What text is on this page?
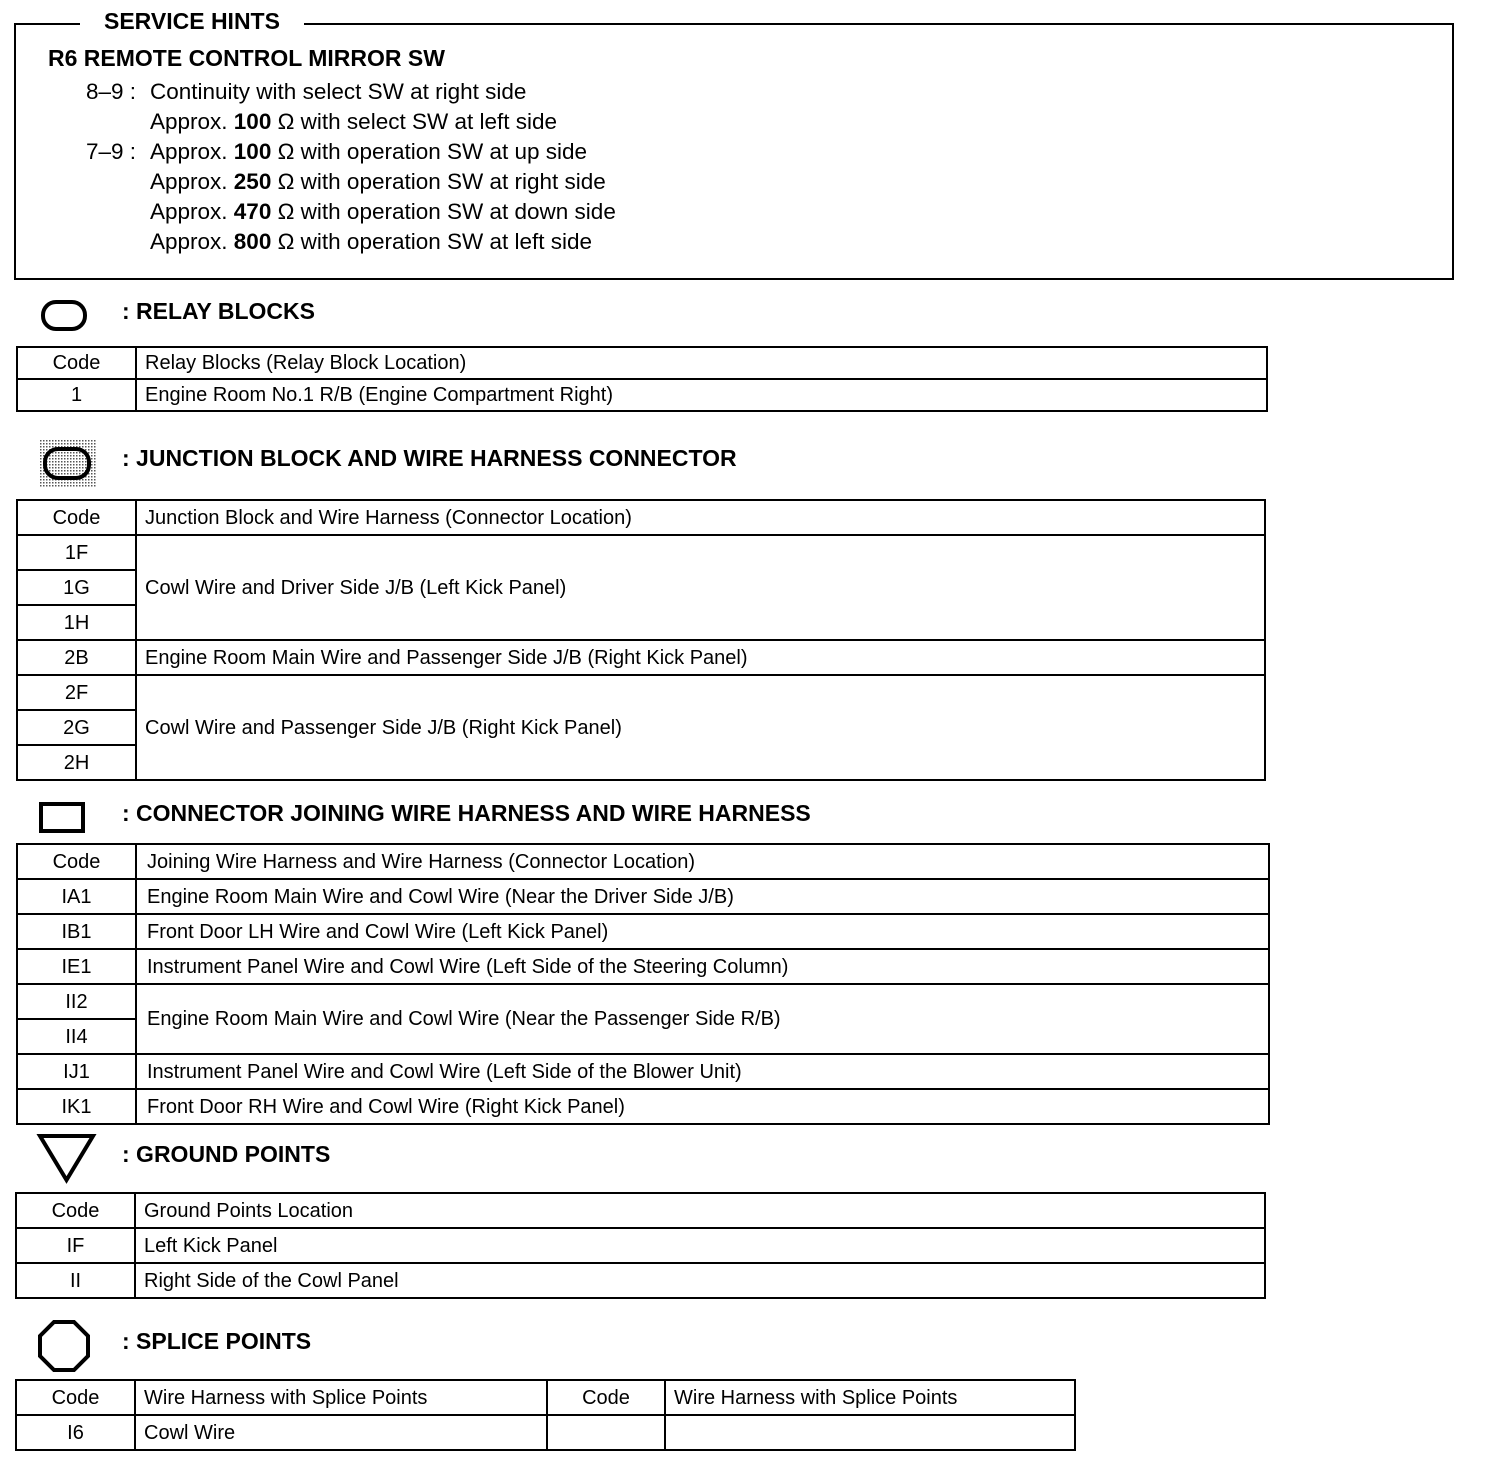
SERVICE HINTS
R6 REMOTE CONTROL MIRROR SW
8–9 : Continuity with select SW at right side
Approx. 100 Ω with select SW at left side
7–9 : Approx. 100 Ω with operation SW at up side
Approx. 250 Ω with operation SW at right side
Approx. 470 Ω with operation SW at down side
Approx. 800 Ω with operation SW at left side
: RELAY BLOCKS
Code	Relay Blocks (Relay Block Location)
1	Engine Room No.1 R/B (Engine Compartment Right)
: JUNCTION BLOCK AND WIRE HARNESS CONNECTOR
Code	Junction Block and Wire Harness (Connector Location)
1F	Cowl Wire and Driver Side J/B (Left Kick Panel)
1G	
1H	
2B	Engine Room Main Wire and Passenger Side J/B (Right Kick Panel)
2F	Cowl Wire and Passenger Side J/B (Right Kick Panel)
2G	
2H	
: CONNECTOR JOINING WIRE HARNESS AND WIRE HARNESS
Code	Joining Wire Harness and Wire Harness (Connector Location)
IA1	Engine Room Main Wire and Cowl Wire (Near the Driver Side J/B)
IB1	Front Door LH Wire and Cowl Wire (Left Kick Panel)
IE1	Instrument Panel Wire and Cowl Wire (Left Side of the Steering Column)
II2	Engine Room Main Wire and Cowl Wire (Near the Passenger Side R/B)
II4	
IJ1	Instrument Panel Wire and Cowl Wire (Left Side of the Blower Unit)
IK1	Front Door RH Wire and Cowl Wire (Right Kick Panel)
: GROUND POINTS
Code	Ground Points Location
IF	Left Kick Panel
II	Right Side of the Cowl Panel
: SPLICE POINTS
Code	Wire Harness with Splice Points	Code	Wire Harness with Splice Points
I6	Cowl Wire		
